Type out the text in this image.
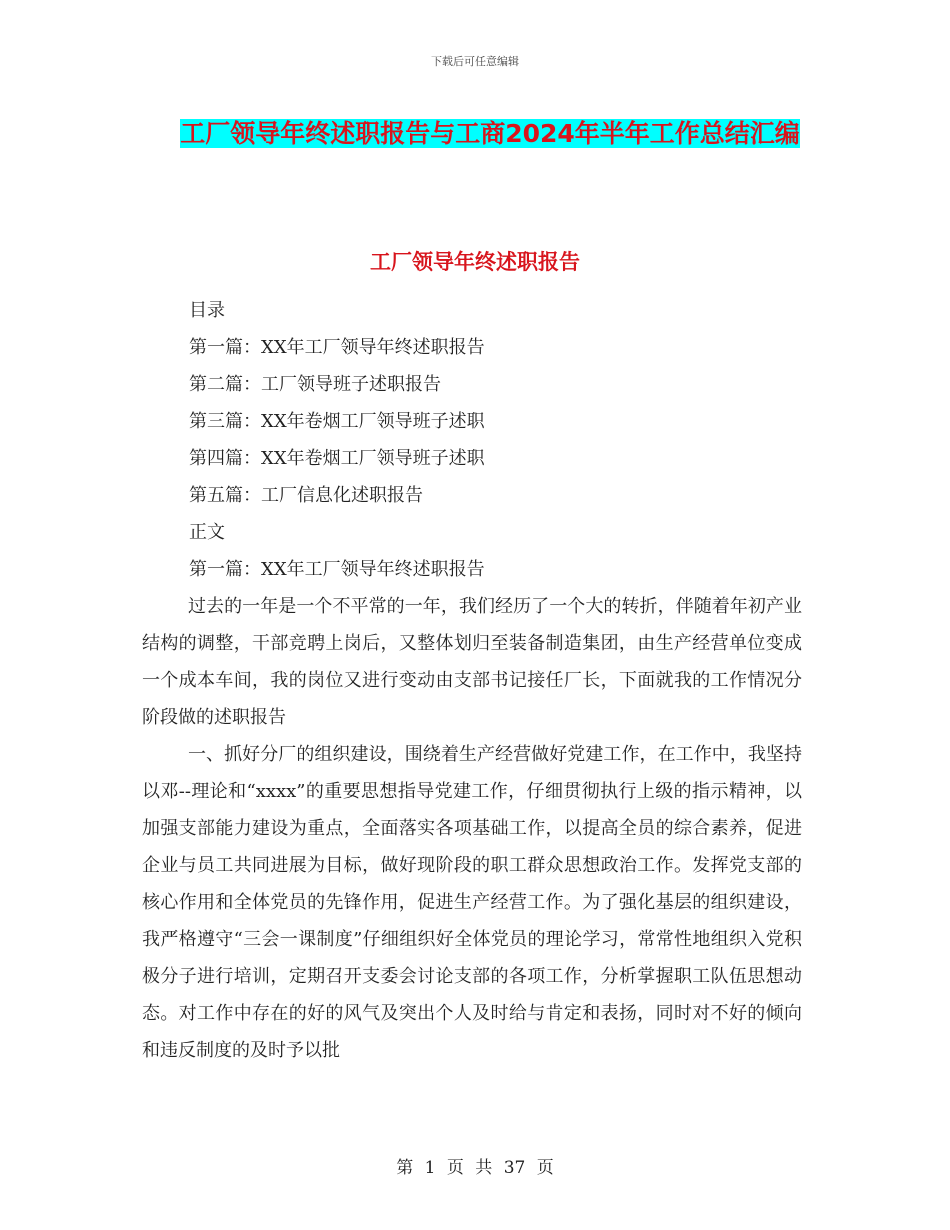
下载后可任意编辑
工厂领导年终述职报告与工商2024年半年工作总结汇编
工厂领导年终述职报告
目录
第一篇：XX年工厂领导年终述职报告
第二篇：工厂领导班子述职报告
第三篇：XX年卷烟工厂领导班子述职
第四篇：XX年卷烟工厂领导班子述职
第五篇：工厂信息化述职报告
正文
第一篇：XX年工厂领导年终述职报告

过去的一年是一个不平常的一年，我们经历了一个大的转折，伴随着年初产业结构的调整，干部竞聘上岗后，又整体划归至装备制造集团，由生产经营单位变成一个成本车间，我的岗位又进行变动由支部书记接任厂长，下面就我的工作情况分阶段做的述职报告

一、抓好分厂的组织建设，围绕着生产经营做好党建工作，在工作中，我坚持以邓--理论和“xxxx”的重要思想指导党建工作，仔细贯彻执行上级的指示精神，以加强支部能力建设为重点，全面落实各项基础工作，以提高全员的综合素养，促进企业与员工共同进展为目标，做好现阶段的职工群众思想政治工作。发挥党支部的核心作用和全体党员的先锋作用，促进生产经营工作。为了强化基层的组织建设，我严格遵守“三会一课制度”仔细组织好全体党员的理论学习，常常性地组织入党积极分子进行培训，定期召开支委会讨论支部的各项工作，分析掌握职工队伍思想动态。对工作中存在的好的风气及突出个人及时给与肯定和表扬，同时对不好的倾向和违反制度的及时予以批

第 1 页 共 37 页
